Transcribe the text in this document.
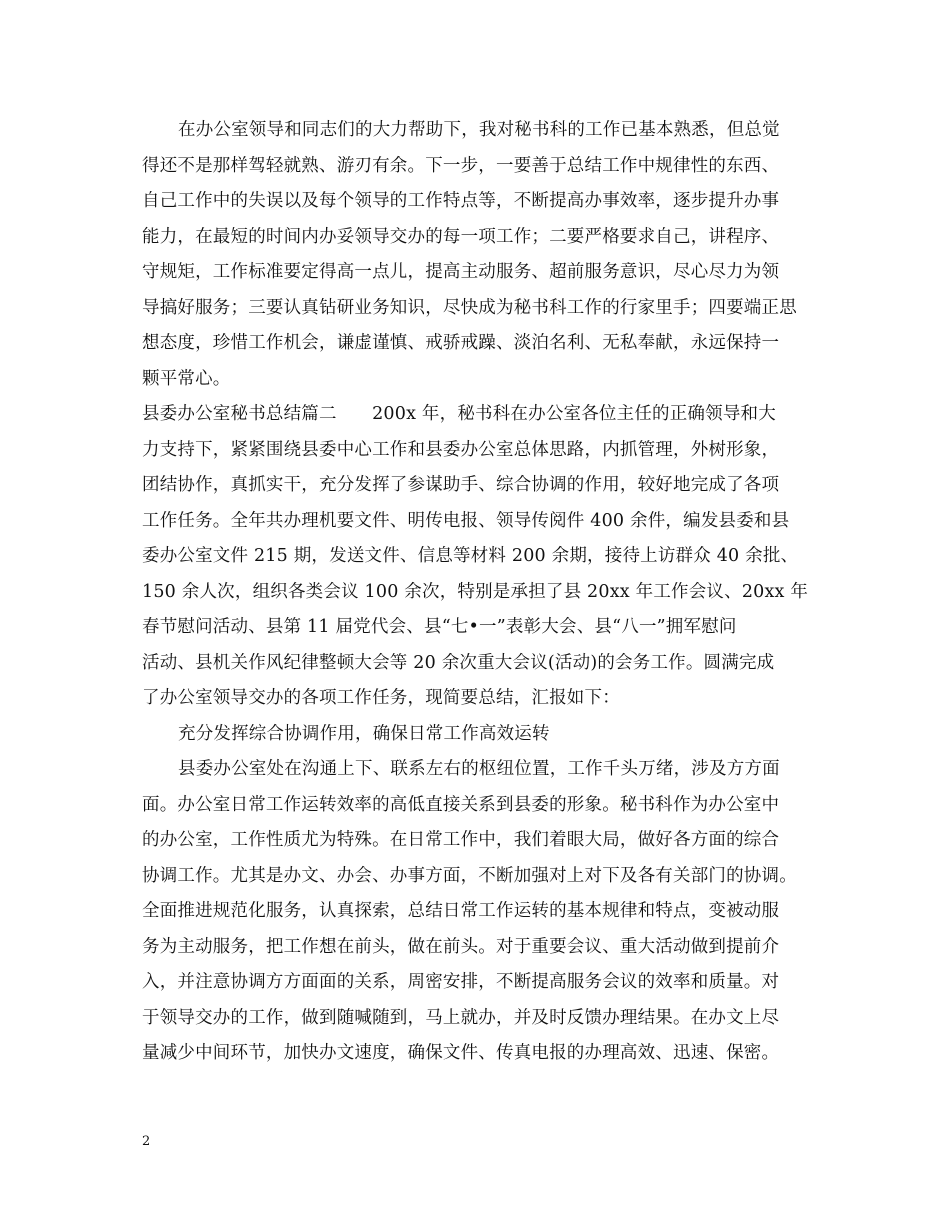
在办公室领导和同志们的大力帮助下，我对秘书科的工作已基本熟悉，但总觉
得还不是那样驾轻就熟、游刃有余。下一步，一要善于总结工作中规律性的东西、
自己工作中的失误以及每个领导的工作特点等，不断提高办事效率，逐步提升办事
能力，在最短的时间内办妥领导交办的每一项工作；二要严格要求自己，讲程序、
守规矩，工作标准要定得高一点儿，提高主动服务、超前服务意识，尽心尽力为领
导搞好服务；三要认真钻研业务知识，尽快成为秘书科工作的行家里手；四要端正思
想态度，珍惜工作机会，谦虚谨慎、戒骄戒躁、淡泊名利、无私奉献，永远保持一
颗平常心。
县委办公室秘书总结篇二　　200x 年，秘书科在办公室各位主任的正确领导和大
力支持下，紧紧围绕县委中心工作和县委办公室总体思路，内抓管理，外树形象，
团结协作，真抓实干，充分发挥了参谋助手、综合协调的作用，较好地完成了各项
工作任务。全年共办理机要文件、明传电报、领导传阅件 400 余件，编发县委和县
委办公室文件 215 期，发送文件、信息等材料 200 余期，接待上访群众 40 余批、
150 余人次，组织各类会议 100 余次，特别是承担了县 20xx 年工作会议、20xx 年
春节慰问活动、县第 11 届党代会、县“七•一”表彰大会、县“八一”拥军慰问
活动、县机关作风纪律整顿大会等 20 余次重大会议(活动)的会务工作。圆满完成
了办公室领导交办的各项工作任务，现简要总结，汇报如下：
充分发挥综合协调作用，确保日常工作高效运转
县委办公室处在沟通上下、联系左右的枢纽位置，工作千头万绪，涉及方方面
面。办公室日常工作运转效率的高低直接关系到县委的形象。秘书科作为办公室中
的办公室，工作性质尤为特殊。在日常工作中，我们着眼大局，做好各方面的综合
协调工作。尤其是办文、办会、办事方面，不断加强对上对下及各有关部门的协调。
全面推进规范化服务，认真探索，总结日常工作运转的基本规律和特点，变被动服
务为主动服务，把工作想在前头，做在前头。对于重要会议、重大活动做到提前介
入，并注意协调方方面面的关系，周密安排，不断提高服务会议的效率和质量。对
于领导交办的工作，做到随喊随到，马上就办，并及时反馈办理结果。在办文上尽
量减少中间环节，加快办文速度，确保文件、传真电报的办理高效、迅速、保密。
2
